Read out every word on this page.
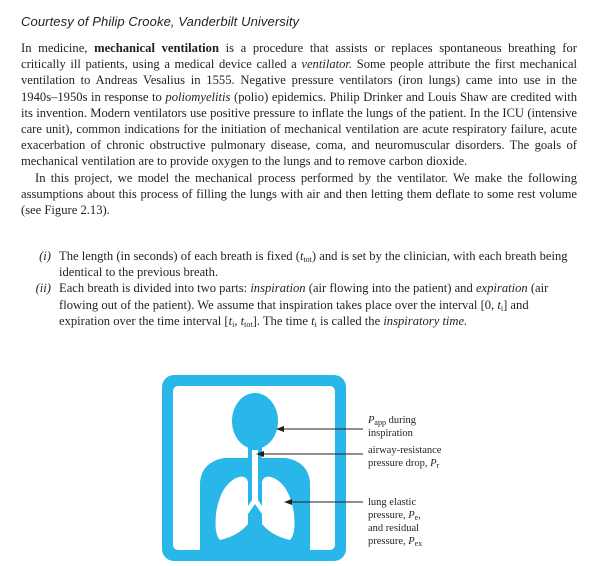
Courtesy of Philip Crooke, Vanderbilt University

In medicine, mechanical ventilation is a procedure that assists or replaces spontaneous breathing for critically ill patients, using a medical device called a ventilator. Some people attribute the first mechanical ventilation to Andreas Vesalius in 1555. Negative pressure ventilators (iron lungs) came into use in the 1940s–1950s in response to poliomyelitis (polio) epidemics. Philip Drinker and Louis Shaw are credited with its invention. Modern ventilators use positive pressure to inflate the lungs of the patient. In the ICU (intensive care unit), common indications for the initiation of mechanical ventilation are acute respiratory failure, acute exacerbation of chronic obstructive pulmonary disease, coma, and neuromuscular disorders. The goals of mechanical ventilation are to provide oxygen to the lungs and to remove carbon dioxide.

In this project, we model the mechanical process performed by the ventilator. We make the following assumptions about this process of filling the lungs with air and then letting them deflate to some rest volume (see Figure 2.13).

(i) The length (in seconds) of each breath is fixed $(t_{tot})$ and is set by the clinician, with each breath being identical to the previous breath.
(ii) Each breath is divided into two parts: inspiration (air flowing into the patient) and expiration (air flowing out of the patient). We assume that inspiration takes place over the interval [0, $t_i$] and expiration over the time interval [$t_i$, $t_{tot}$]. The time $t_i$ is called the inspiratory time.
$P_{app}$ during
inspiration
airway-resistance
pressure drop, $P_r$
lung elastic
pressure, $P_e$,
and residual
pressure, $P_{ex}$
